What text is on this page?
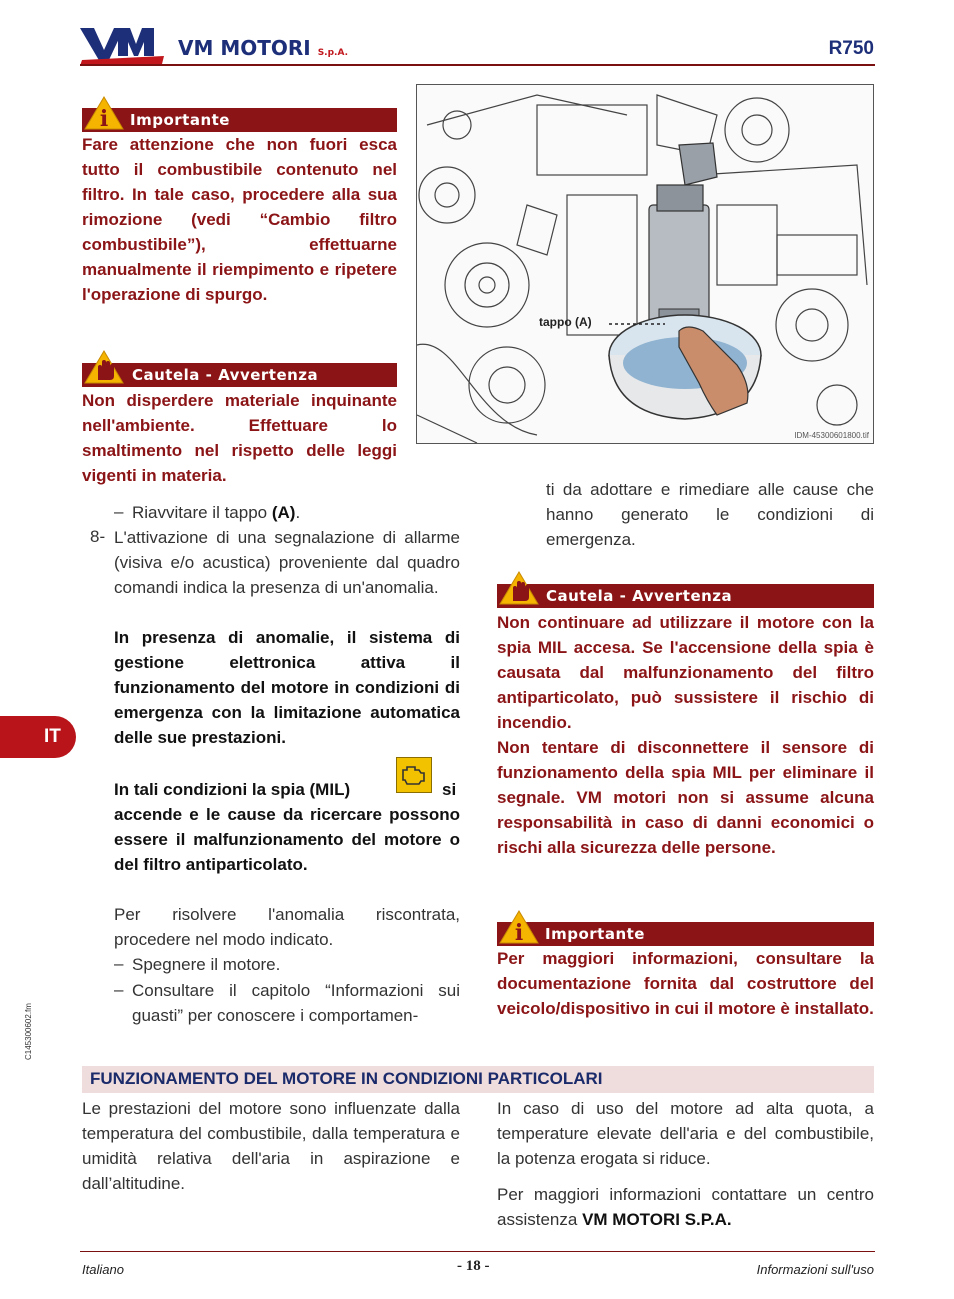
VM MOTORI S.p.A.	R750
Importante
i
Fare attenzione che non fuori esca tutto il combustibile contenuto nel filtro. In tale caso, procedere alla sua rimozione (vedi “Cambio filtro combustibile”), effettuarne manualmente il riempimento e ripetere l'operazione di spurgo.
Cautela - Avvertenza
Non disperdere materiale inquinante nell'ambiente. Effettuare lo smaltimento nel rispetto delle leggi vigenti in materia.
tappo (A)
IDM-45300601800.tif
– Riavvitare il tappo (A).
8- L'attivazione di una segnalazione di allarme (visiva e/o acustica) proveniente dal quadro comandi indica la presenza di un'anomalia.
In presenza di anomalie, il sistema di gestione elettronica attiva il funzionamento del motore in condizioni di emergenza con la limitazione automatica delle sue prestazioni.
In tali condizioni la spia (MIL)	si
accende e le cause da ricercare possono essere il malfunzionamento del motore o del filtro antiparticolato.
Per risolvere l'anomalia riscontrata, procedere nel modo indicato.
– Spegnere il motore.
– Consultare il capitolo “Informazioni sui guasti” per conoscere i comportamen-
ti da adottare e rimediare alle cause che hanno generato le condizioni di emergenza.
Cautela - Avvertenza
Non continuare ad utilizzare il motore con la spia MIL accesa. Se l'accensione della spia è causata dal malfunzionamento del filtro antiparticolato, può sussistere il rischio di incendio.
Non tentare di disconnettere il sensore di funzionamento della spia MIL per eliminare il segnale. VM motori non si assume alcuna responsabilità in caso di danni economici o rischi alla sicurezza delle persone.
Importante
i
Per maggiori informazioni, consultare la documentazione fornita dal costruttore del veicolo/dispositivo in cui il motore è installato.
FUNZIONAMENTO DEL MOTORE IN CONDIZIONI PARTICOLARI
Le prestazioni del motore sono influenzate dalla temperatura del combustibile, dalla temperatura e umidità relativa dell'aria in aspirazione e dall’altitudine.
In caso di uso del motore ad alta quota, a temperature elevate dell'aria e del combustibile, la potenza erogata si riduce.
Per maggiori informazioni contattare un centro assistenza VM MOTORI S.P.A.
IT
C145300602.fm
Italiano	- 18 -	Informazioni sull'uso
